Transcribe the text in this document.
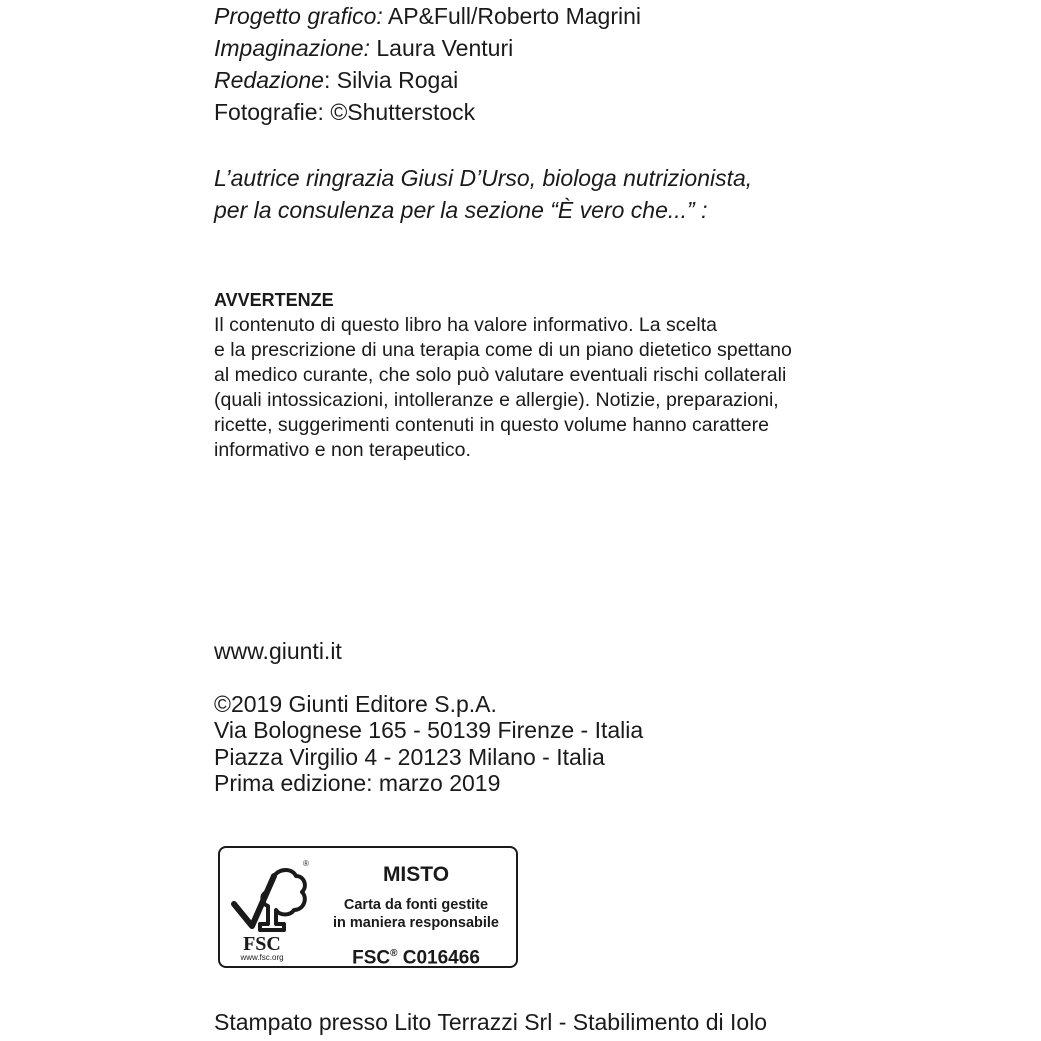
Progetto grafico: AP&Full/Roberto Magrini
Impaginazione: Laura Venturi
Redazione: Silvia Rogai
Fotografie: ©Shutterstock
L’autrice ringrazia Giusi D’Urso, biologa nutrizionista,
per la consulenza per la sezione “È vero che...” :
AVVERTENZE
Il contenuto di questo libro ha valore informativo. La scelta
e la prescrizione di una terapia come di un piano dietetico spettano
al medico curante, che solo può valutare eventuali rischi collaterali
(quali intossicazioni, intolleranze e allergie). Notizie, preparazioni,
ricette, suggerimenti contenuti in questo volume hanno carattere
informativo e non terapeutico.
www.giunti.it
©2019 Giunti Editore S.p.A.
Via Bolognese 165 - 50139 Firenze - Italia
Piazza Virgilio 4 - 20123 Milano - Italia
Prima edizione: marzo 2019
®
FSC
www.fsc.org
MISTO
Carta da fonti gestite
in maniera responsabile
FSC® C016466
Stampato presso Lito Terrazzi Srl - Stabilimento di Iolo
